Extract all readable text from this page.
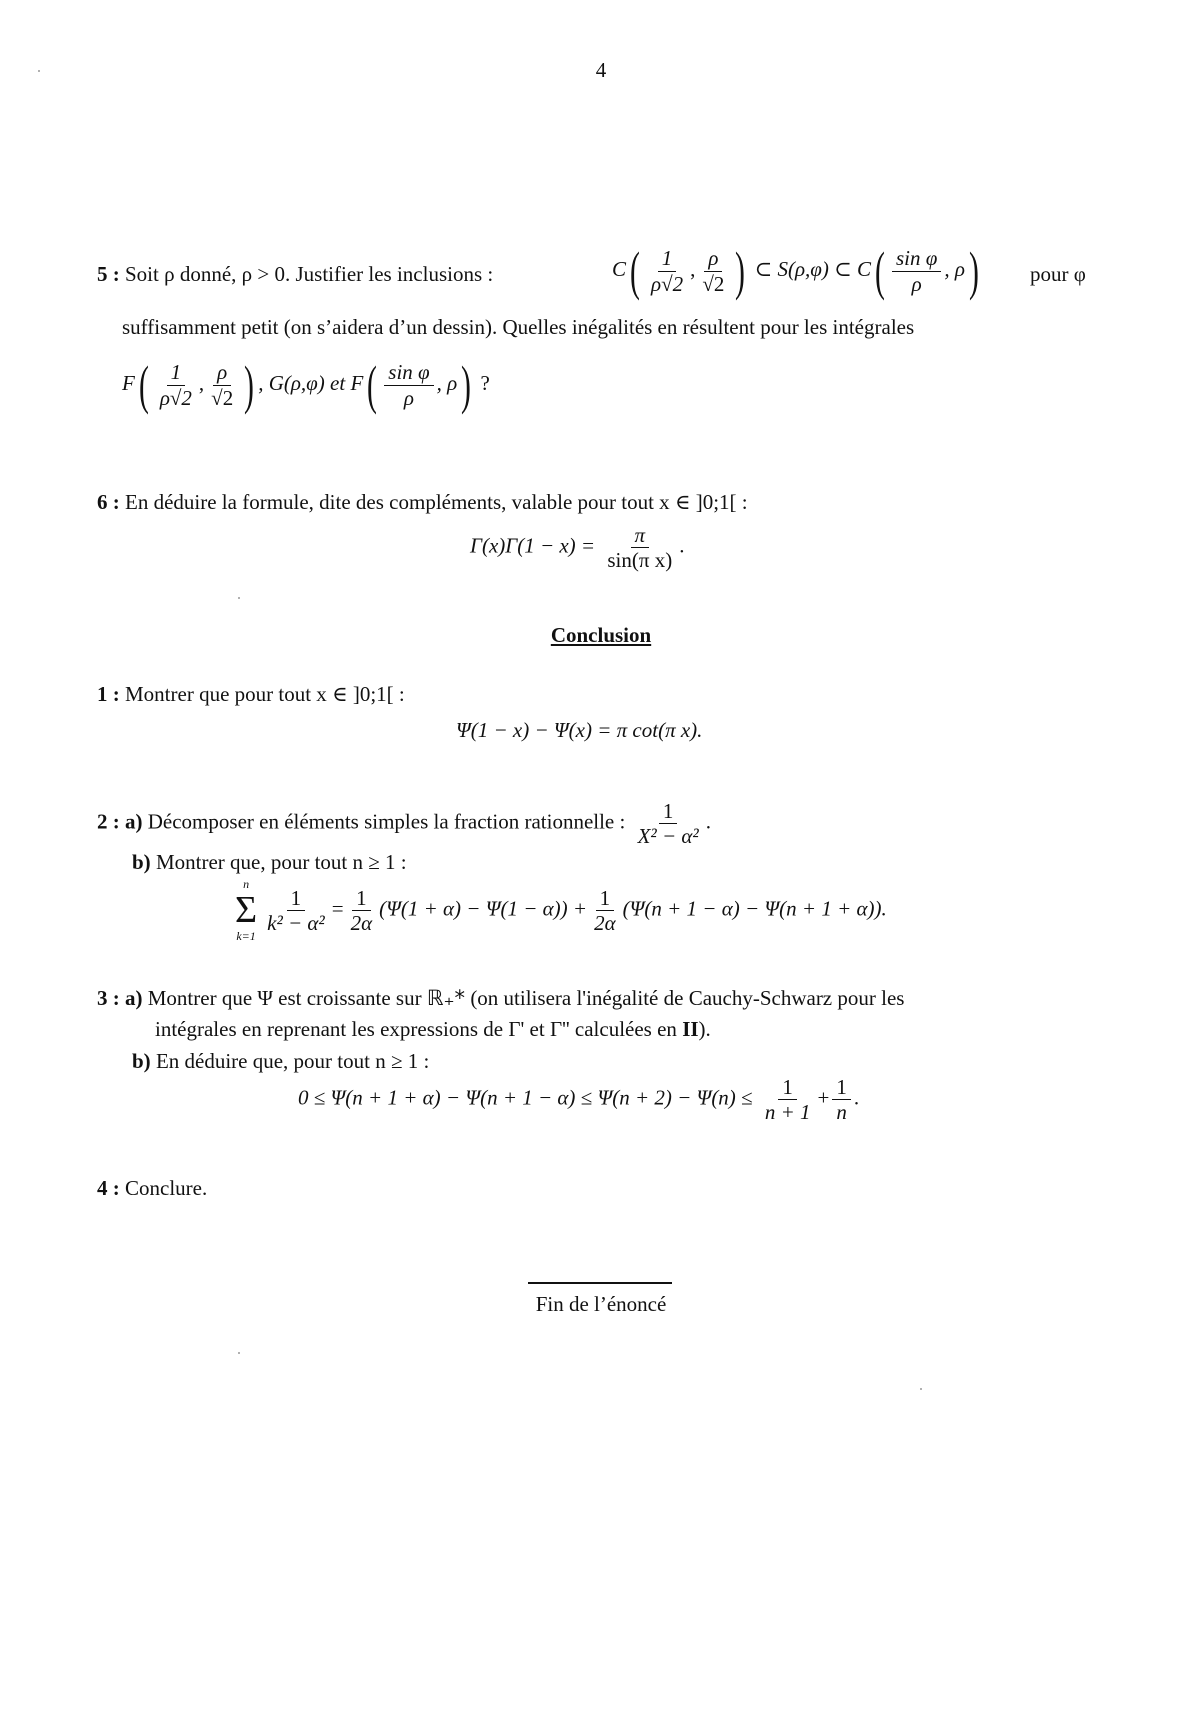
4
5 : Soit ρ donné, ρ > 0. Justifier les inclusions :	$C( \frac{1}{\rho√2}$ , $\frac{\rho}{√2}$ ) ⊂ S(ρ,φ) ⊂ $C( \frac{\text{sin φ}}{\rho}$ , ρ) pour φ
suffisamment petit (on s’aidera d’un dessin). Quelles inégalités en résultent pour les intégrales
$F( \frac{1}{\rho√2}$ , $\frac{\rho}{√2}$ ) , G(ρ,φ) et $F( \frac{\text{sin φ}}{\rho}$ , ρ) ?
6 : En déduire la formule, dite des compléments, valable pour tout x ∈ ]0;1[ :
$\Gamma(x)\Gamma(1 - x) = \frac{\pi}{\text{sin(π x)}}$ .
Conclusion
1 : Montrer que pour tout x ∈ ]0;1[ :
Ψ(1 − x) − Ψ(x) = π cot(π x).
2 : a) Décomposer en éléments simples la fraction rationnelle : $\frac{1}{\text{X² − α²}}$ .
b) Montrer que, pour tout n ≥ 1 :
n
Σ
k=1
$\frac{1}{\text{k² − α²}} = \frac{1}{2\alpha} (\Psi(1 + \alpha) - \Psi(1 - \alpha)) + \frac{1}{2\alpha} (\Psi(n + 1 - \alpha) - \Psi(n + 1 + \alpha))$.
3 : a) Montrer que Ψ est croissante sur ℝ₊* (on utilisera l'inégalité de Cauchy-Schwarz pour les
intégrales en reprenant les expressions de Γ' et Γ'' calculées en II).
b) En déduire que, pour tout n ≥ 1 :
$0 \le \Psi(n + 1 + \alpha) - \Psi(n + 1 - \alpha) \le \Psi(n + 2) - \Psi(n) \le \frac{1}{n + 1} + \frac{1}{n}$ .
4 : Conclure.
Fin de l’énoncé
